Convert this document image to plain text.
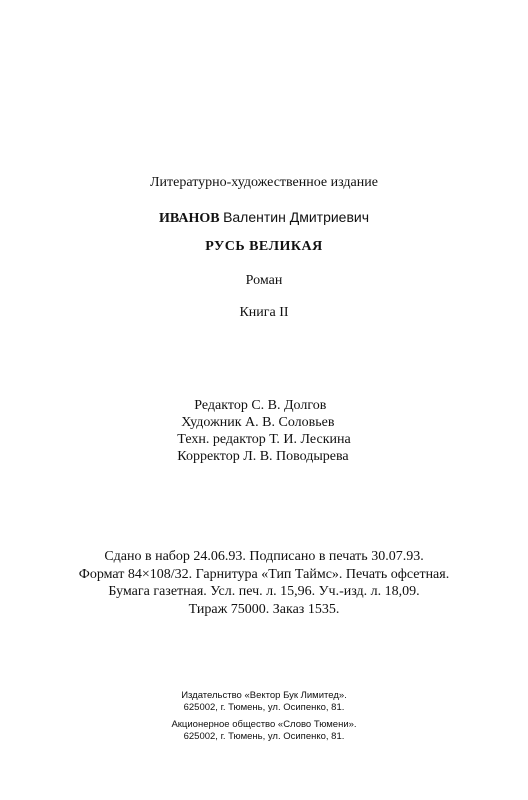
Литературно-художественное издание
ИВАНОВ Валентин Дмитриевич
РУСЬ ВЕЛИКАЯ
Роман
Книга II
Редактор С. В. Долгов
Художник А. В. Соловьев
Техн. редактор Т. И. Лескина
Корректор Л. В. Поводырева
Сдано в набор 24.06.93. Подписано в печать 30.07.93.
Формат 84×108/32. Гарнитура «Тип Таймс». Печать офсетная.
Бумага газетная. Усл. печ. л. 15,96. Уч.-изд. л. 18,09.
Тираж 75000. Заказ 1535.
Издательство «Вектор Бук Лимитед».
625002, г. Тюмень, ул. Осипенко, 81.
Акционерное общество «Слово Тюмени».
625002, г. Тюмень, ул. Осипенко, 81.
